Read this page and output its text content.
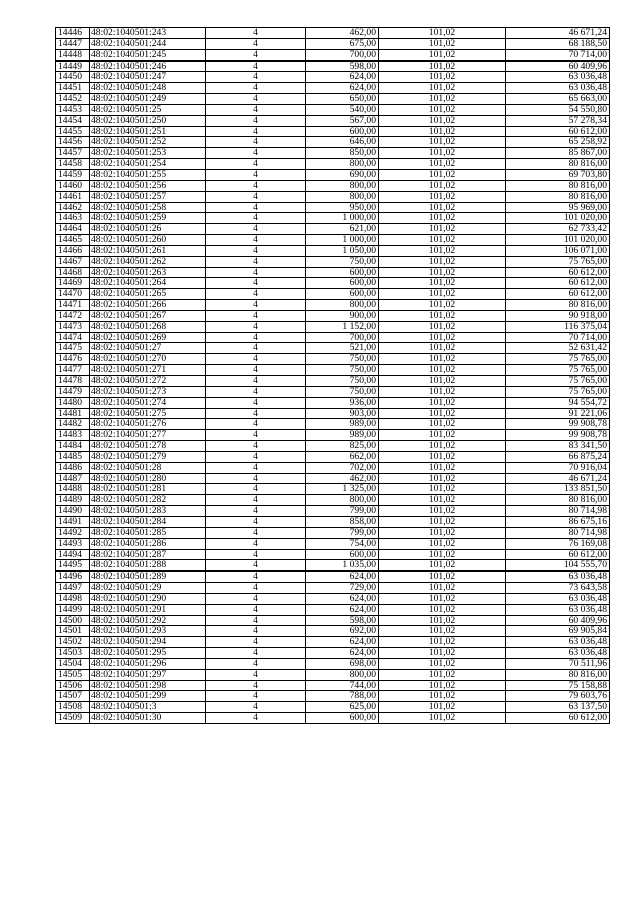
14446	48:02:1040501:243	4	462,00	101,02	46 671,24
14447	48:02:1040501:244	4	675,00	101,02	68 188,50
14448	48:02:1040501:245	4	700,00	101,02	70 714,00
14449	48:02:1040501:246	4	598,00	101,02	60 409,96
14450	48:02:1040501:247	4	624,00	101,02	63 036,48
14451	48:02:1040501:248	4	624,00	101,02	63 036,48
14452	48:02:1040501:249	4	650,00	101,02	65 663,00
14453	48:02:1040501:25	4	540,00	101,02	54 550,80
14454	48:02:1040501:250	4	567,00	101,02	57 278,34
14455	48:02:1040501:251	4	600,00	101,02	60 612,00
14456	48:02:1040501:252	4	646,00	101,02	65 258,92
14457	48:02:1040501:253	4	850,00	101,02	85 867,00
14458	48:02:1040501:254	4	800,00	101,02	80 816,00
14459	48:02:1040501:255	4	690,00	101,02	69 703,80
14460	48:02:1040501:256	4	800,00	101,02	80 816,00
14461	48:02:1040501:257	4	800,00	101,02	80 816,00
14462	48:02:1040501:258	4	950,00	101,02	95 969,00
14463	48:02:1040501:259	4	1 000,00	101,02	101 020,00
14464	48:02:1040501:26	4	621,00	101,02	62 733,42
14465	48:02:1040501:260	4	1 000,00	101,02	101 020,00
14466	48:02:1040501:261	4	1 050,00	101,02	106 071,00
14467	48:02:1040501:262	4	750,00	101,02	75 765,00
14468	48:02:1040501:263	4	600,00	101,02	60 612,00
14469	48:02:1040501:264	4	600,00	101,02	60 612,00
14470	48:02:1040501:265	4	600,00	101,02	60 612,00
14471	48:02:1040501:266	4	800,00	101,02	80 816,00
14472	48:02:1040501:267	4	900,00	101,02	90 918,00
14473	48:02:1040501:268	4	1 152,00	101,02	116 375,04
14474	48:02:1040501:269	4	700,00	101,02	70 714,00
14475	48:02:1040501:27	4	521,00	101,02	52 631,42
14476	48:02:1040501:270	4	750,00	101,02	75 765,00
14477	48:02:1040501:271	4	750,00	101,02	75 765,00
14478	48:02:1040501:272	4	750,00	101,02	75 765,00
14479	48:02:1040501:273	4	750,00	101,02	75 765,00
14480	48:02:1040501:274	4	936,00	101,02	94 554,72
14481	48:02:1040501:275	4	903,00	101,02	91 221,06
14482	48:02:1040501:276	4	989,00	101,02	99 908,78
14483	48:02:1040501:277	4	989,00	101,02	99 908,78
14484	48:02:1040501:278	4	825,00	101,02	83 341,50
14485	48:02:1040501:279	4	662,00	101,02	66 875,24
14486	48:02:1040501:28	4	702,00	101,02	70 916,04
14487	48:02:1040501:280	4	462,00	101,02	46 671,24
14488	48:02:1040501:281	4	1 325,00	101,02	133 851,50
14489	48:02:1040501:282	4	800,00	101,02	80 816,00
14490	48:02:1040501:283	4	799,00	101,02	80 714,98
14491	48:02:1040501:284	4	858,00	101,02	86 675,16
14492	48:02:1040501:285	4	799,00	101,02	80 714,98
14493	48:02:1040501:286	4	754,00	101,02	76 169,08
14494	48:02:1040501:287	4	600,00	101,02	60 612,00
14495	48:02:1040501:288	4	1 035,00	101,02	104 555,70
14496	48:02:1040501:289	4	624,00	101,02	63 036,48
14497	48:02:1040501:29	4	729,00	101,02	73 643,58
14498	48:02:1040501:290	4	624,00	101,02	63 036,48
14499	48:02:1040501:291	4	624,00	101,02	63 036,48
14500	48:02:1040501:292	4	598,00	101,02	60 409,96
14501	48:02:1040501:293	4	692,00	101,02	69 905,84
14502	48:02:1040501:294	4	624,00	101,02	63 036,48
14503	48:02:1040501:295	4	624,00	101,02	63 036,48
14504	48:02:1040501:296	4	698,00	101,02	70 511,96
14505	48:02:1040501:297	4	800,00	101,02	80 816,00
14506	48:02:1040501:298	4	744,00	101,02	75 158,88
14507	48:02:1040501:299	4	788,00	101,02	79 603,76
14508	48:02:1040501:3	4	625,00	101,02	63 137,50
14509	48:02:1040501:30	4	600,00	101,02	60 612,00
